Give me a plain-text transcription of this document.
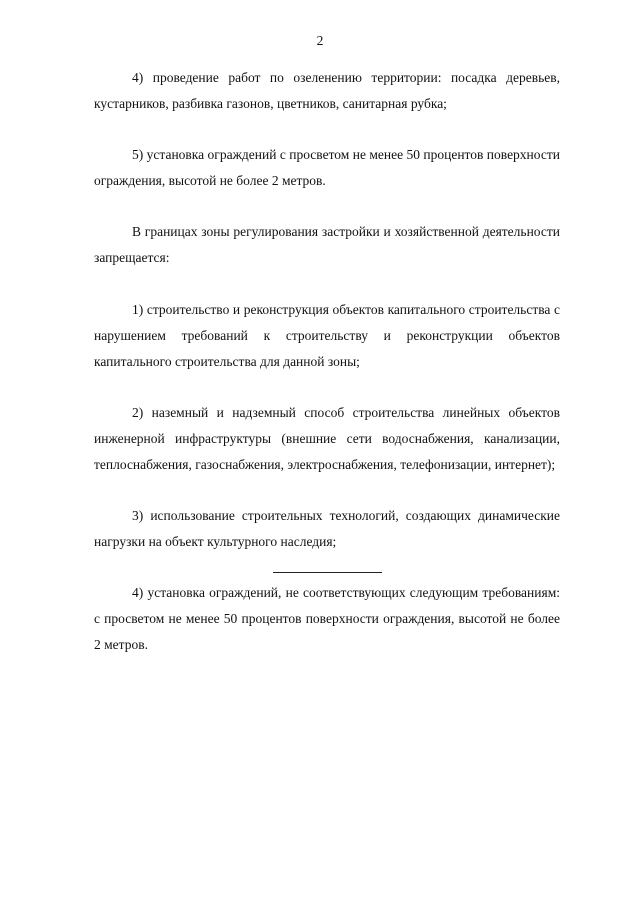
2

4) проведение работ по озеленению территории: посадка деревьев, кустарников, разбивка газонов, цветников, санитарная рубка;

5) установка ограждений с просветом не менее 50 процентов поверхности ограждения, высотой не более 2 метров.

В границах зоны регулирования застройки и хозяйственной деятельности запрещается:

1) строительство и реконструкция объектов капитального строительства с нарушением требований к строительству и реконструкции объектов капитального строительства для данной зоны;

2) наземный и надземный способ строительства линейных объектов инженерной инфраструктуры (внешние сети водоснабжения, канализации, теплоснабжения, газоснабжения, электроснабжения, телефонизации, интернет);

3) использование строительных технологий, создающих динамические нагрузки на объект культурного наследия;

4) установка ограждений, не соответствующих следующим требованиям: с просветом не менее 50 процентов поверхности ограждения, высотой не более 2 метров.
